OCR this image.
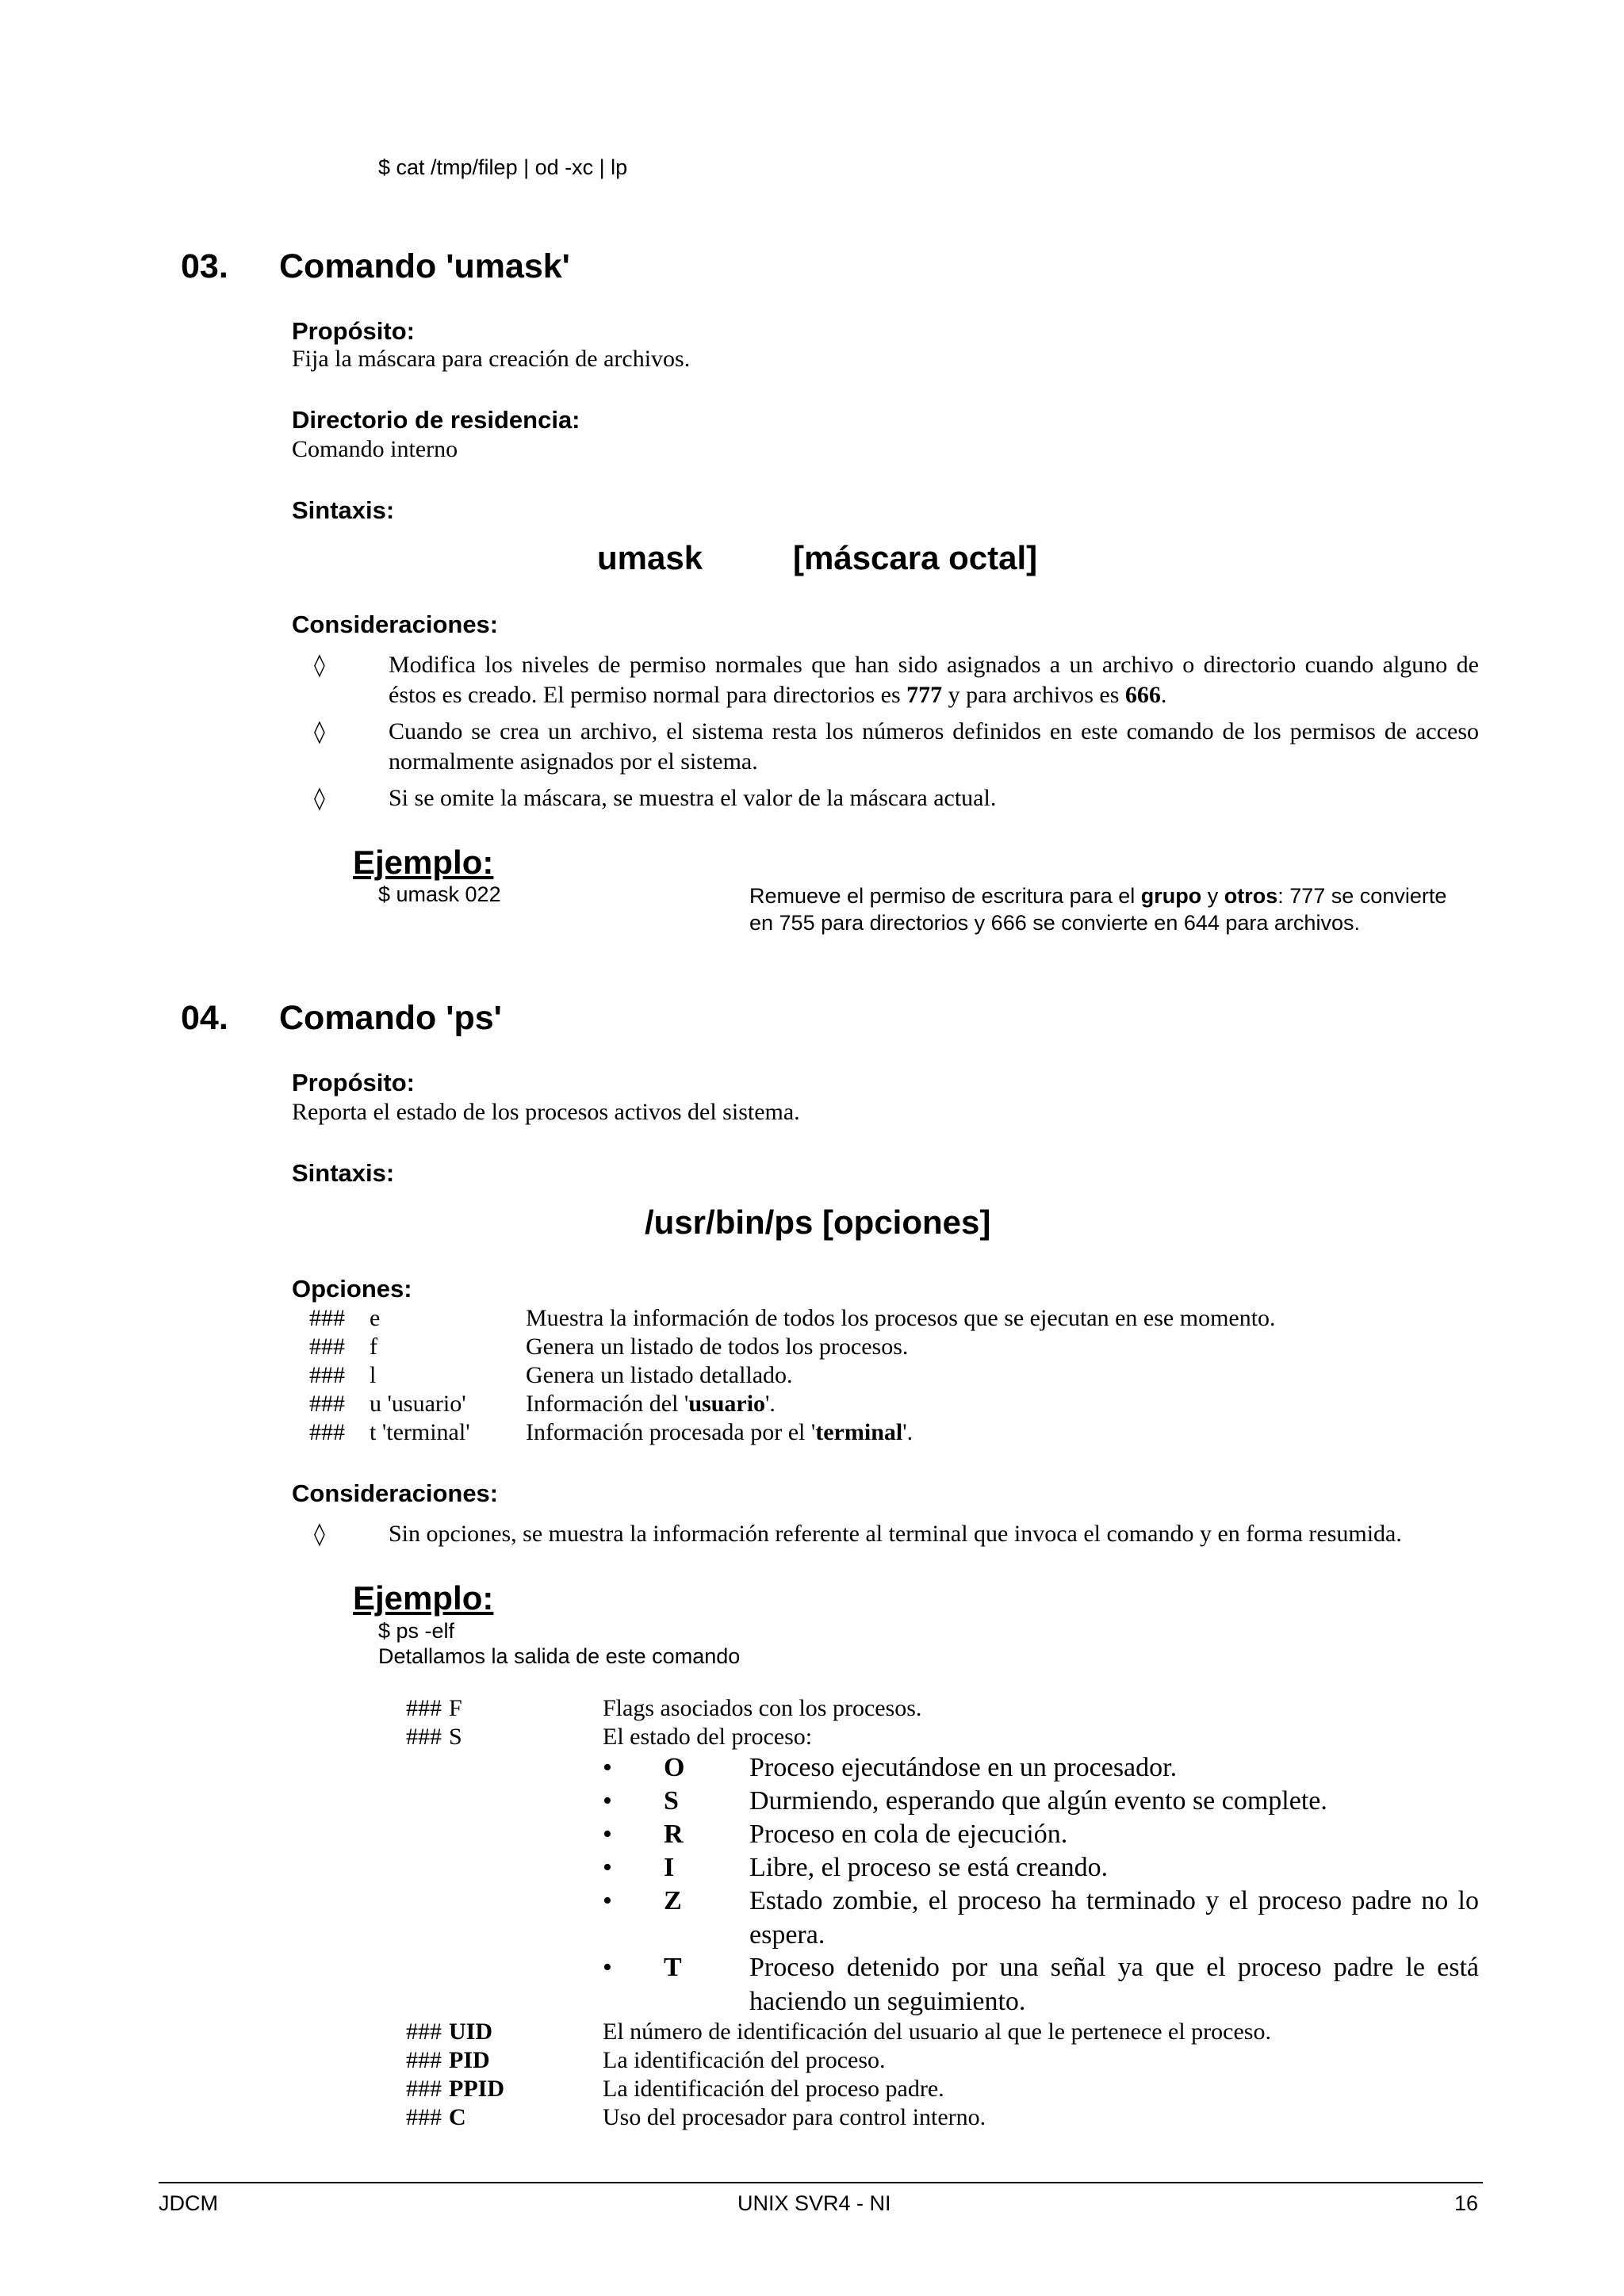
$ cat /tmp/filep | od -xc | lp
03. Comando 'umask'
Propósito:
Fija la máscara para creación de archivos.
Directorio de residencia:
Comando interno
Sintaxis:
umask	[máscara octal]
Consideraciones:
◊	Modifica los niveles de permiso normales que han sido asignados a un archivo o directorio cuando alguno de éstos es creado. El permiso normal para directorios es 777 y para archivos es 666.
◊	Cuando se crea un archivo, el sistema resta los números definidos en este comando de los permisos de acceso normalmente asignados por el sistema.
◊	Si se omite la máscara, se muestra el valor de la máscara actual.
Ejemplo:
$ umask 022	Remueve el permiso de escritura para el grupo y otros: 777 se convierte
en 755 para directorios y 666 se convierte en 644 para archivos.
04. Comando 'ps'
Propósito:
Reporta el estado de los procesos activos del sistema.
Sintaxis:
/usr/bin/ps [opciones]
Opciones:
### e	Muestra la información de todos los procesos que se ejecutan en ese momento.
### f	Genera un listado de todos los procesos.
### l	Genera un listado detallado.
### u 'usuario'	Información del 'usuario'.
### t 'terminal' Información procesada por el 'terminal'.
Consideraciones:
◊	Sin opciones, se muestra la información referente al terminal que invoca el comando y en forma resumida.
Ejemplo:
$ ps -elf
Detallamos la salida de este comando
### F	Flags asociados con los procesos.
### S	El estado del proceso:
• O Proceso ejecutándose en un procesador.
• S	Durmiendo, esperando que algún evento se complete.
• R Proceso en cola de ejecución.
• I	Libre, el proceso se está creando.
• Z	Estado zombie, el proceso ha terminado y el proceso padre no lo espera.
• T	Proceso detenido por una señal ya que el proceso padre le está haciendo un seguimiento.
### UID	El número de identificación del usuario al que le pertenece el proceso.
### PID	La identificación del proceso.
### PPID	La identificación del proceso padre.
### C	Uso del procesador para control interno.
JDCM	UNIX SVR4 - NI	16
